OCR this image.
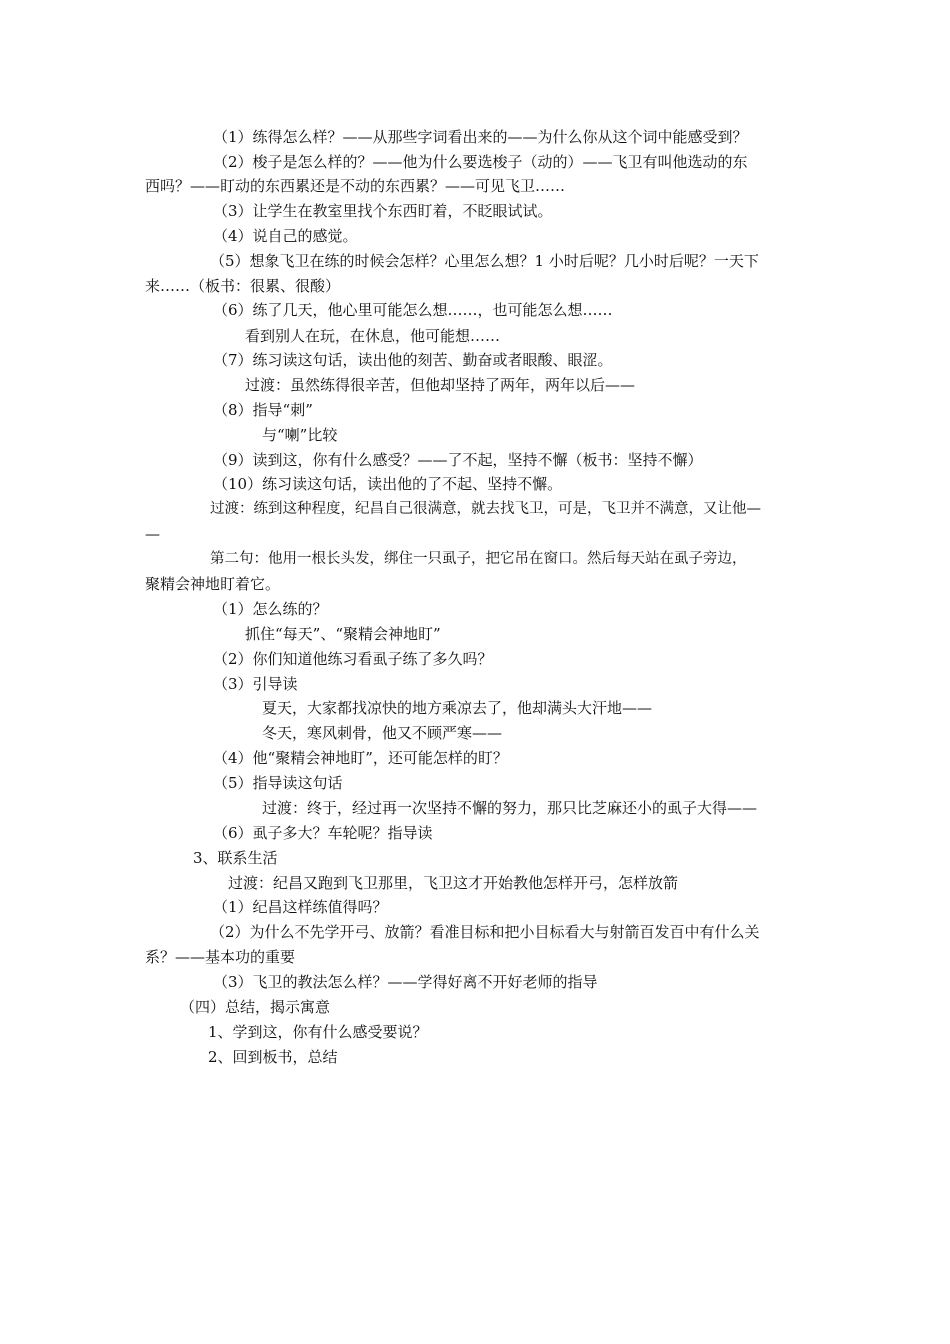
（1）练得怎么样？——从那些字词看出来的——为什么你从这个词中能感受到？
（2）梭子是怎么样的？——他为什么要选梭子（动的）——飞卫有叫他选动的东
西吗？——盯动的东西累还是不动的东西累？——可见飞卫……
（3）让学生在教室里找个东西盯着，不眨眼试试。
（4）说自己的感觉。
（5）想象飞卫在练的时候会怎样？心里怎么想？1 小时后呢？几小时后呢？一天下
来……（板书：很累、很酸）
（6）练了几天，他心里可能怎么想……，也可能怎么想……
看到别人在玩，在休息，他可能想……
（7）练习读这句话，读出他的刻苦、勤奋或者眼酸、眼涩。
过渡：虽然练得很辛苦，但他却坚持了两年，两年以后——
（8）指导“刺”
与“喇”比较
（9）读到这，你有什么感受？——了不起，坚持不懈（板书：坚持不懈）
（10）练习读这句话，读出他的了不起、坚持不懈。
过渡：练到这种程度，纪昌自己很满意，就去找飞卫，可是，飞卫并不满意，又让他—
—
第二句：他用一根长头发，绑住一只虱子，把它吊在窗口。然后每天站在虱子旁边，
聚精会神地盯着它。
（1）怎么练的？
抓住“每天”、“聚精会神地盯”
（2）你们知道他练习看虱子练了多久吗？
（3）引导读
夏天，大家都找凉快的地方乘凉去了，他却满头大汗地——
冬天，寒风刺骨，他又不顾严寒——
（4）他“聚精会神地盯”，还可能怎样的盯？
（5）指导读这句话
过渡：终于，经过再一次坚持不懈的努力，那只比芝麻还小的虱子大得——
（6）虱子多大？车轮呢？指导读
3、联系生活
过渡：纪昌又跑到飞卫那里，飞卫这才开始教他怎样开弓，怎样放箭
（1）纪昌这样练值得吗？
（2）为什么不先学开弓、放箭？看准目标和把小目标看大与射箭百发百中有什么关
系？——基本功的重要
（3）飞卫的教法怎么样？——学得好离不开好老师的指导
（四）总结，揭示寓意
1、学到这，你有什么感受要说？
2、回到板书，总结
